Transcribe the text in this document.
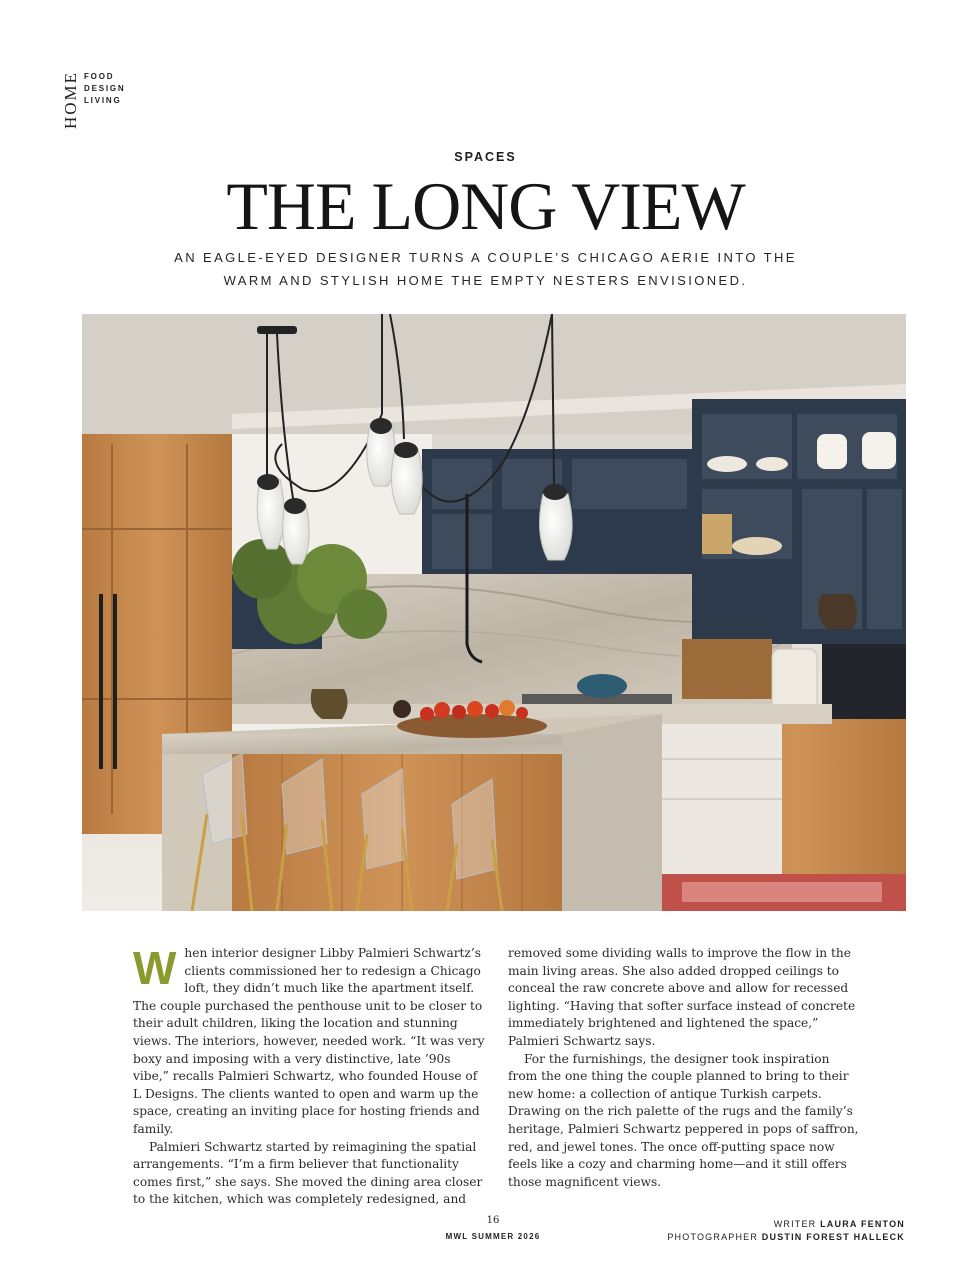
HOME FOOD
DESIGN
LIVING
SPACES
THE LONG VIEW

AN EAGLE-EYED DESIGNER TURNS A COUPLE’S CHICAGO AERIE INTO THE
WARM AND STYLISH HOME THE EMPTY NESTERS ENVISIONED.

When interior designer Libby Palmieri Schwartz’s clients commissioned her to redesign a Chicago loft, they didn’t much like the apartment itself. The couple purchased the penthouse unit to be closer to their adult children, liking the location and stunning views. The interiors, however, needed work. “It was very boxy and imposing with a very distinctive, late ’90s vibe,” recalls Palmieri Schwartz, who founded House of L Designs. The clients wanted to open and warm up the space, creating an inviting place for hosting friends and family.

Palmieri Schwartz started by reimagining the spatial arrangements. “I’m a firm believer that functionality comes first,” she says. She moved the dining area closer to the kitchen, which was completely redesigned, and

removed some dividing walls to improve the flow in the main living areas. She also added dropped ceilings to conceal the raw concrete above and allow for recessed lighting. “Having that softer surface instead of concrete immediately brightened and lightened the space,” Palmieri Schwartz says.

For the furnishings, the designer took inspiration from the one thing the couple planned to bring to their new home: a collection of antique Turkish carpets. Drawing on the rich palette of the rugs and the family’s heritage, Palmieri Schwartz peppered in pops of saffron, red, and jewel tones. The once off-putting space now feels like a cozy and charming home—and it still offers those magnificent views.

16
MWL SUMMER 2026
WRITER LAURA FENTON
PHOTOGRAPHER DUSTIN FOREST HALLECK
